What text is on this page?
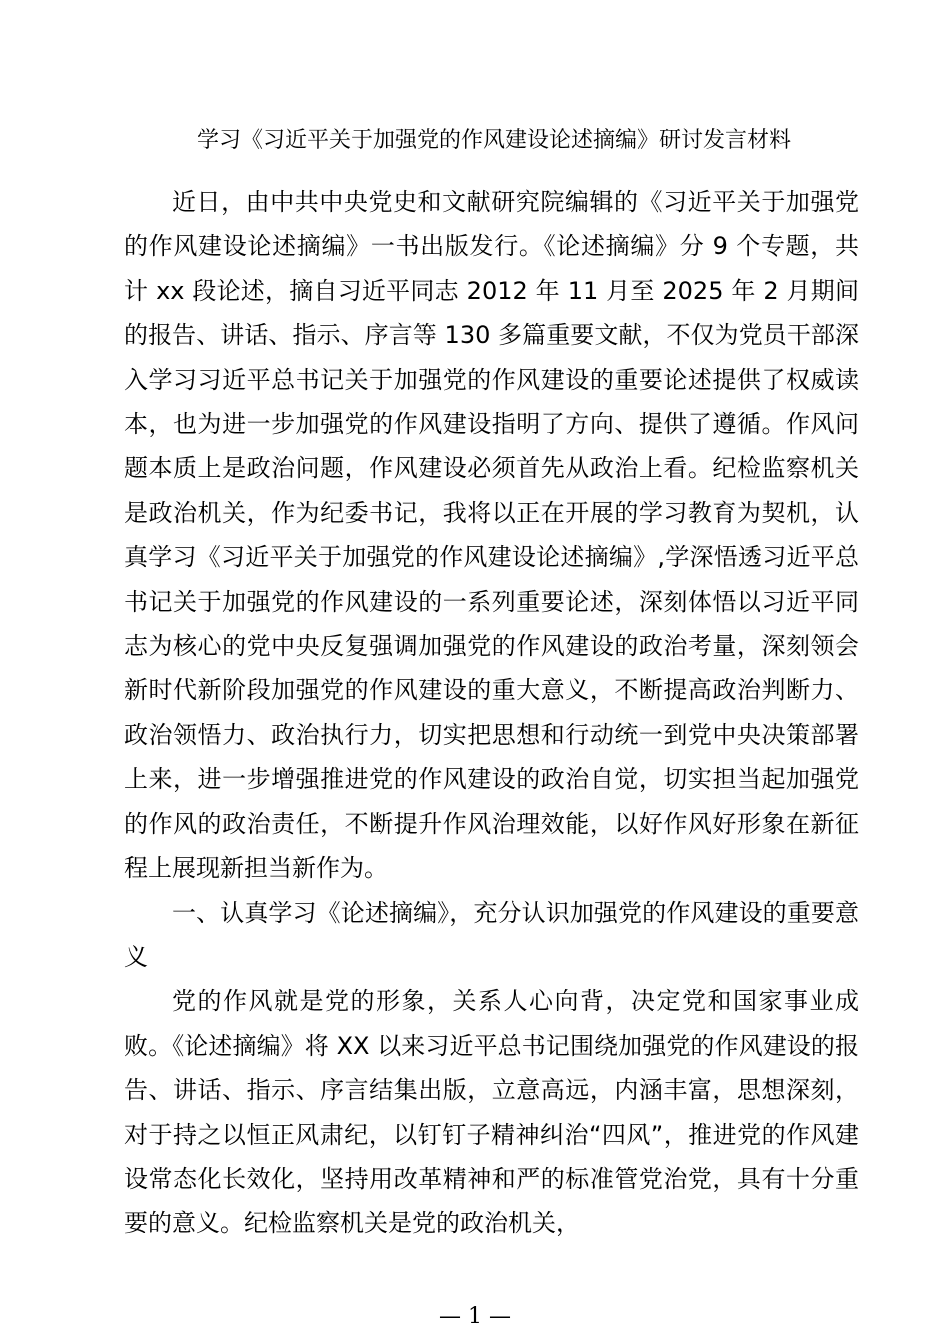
学习《习近平关于加强党的作风建设论述摘编》研讨发言材料

近日，由中共中央党史和文献研究院编辑的《习近平关于加强党的作风建设论述摘编》一书出版发行。《论述摘编》分 9 个专题，共计 xx 段论述，摘自习近平同志 2012 年 11 月至 2025 年 2 月期间的报告、讲话、指示、序言等 130 多篇重要文献，不仅为党员干部深入学习习近平总书记关于加强党的作风建设的重要论述提供了权威读本，也为进一步加强党的作风建设指明了方向、提供了遵循。作风问题本质上是政治问题，作风建设必须首先从政治上看。纪检监察机关是政治机关，作为纪委书记，我将以正在开展的学习教育为契机，认真学习《习近平关于加强党的作风建设论述摘编》,学深悟透习近平总书记关于加强党的作风建设的一系列重要论述，深刻体悟以习近平同志为核心的党中央反复强调加强党的作风建设的政治考量，深刻领会新时代新阶段加强党的作风建设的重大意义，不断提高政治判断力、政治领悟力、政治执行力，切实把思想和行动统一到党中央决策部署上来，进一步增强推进党的作风建设的政治自觉，切实担当起加强党的作风的政治责任，不断提升作风治理效能，以好作风好形象在新征程上展现新担当新作为。

一、认真学习《论述摘编》，充分认识加强党的作风建设的重要意义

党的作风就是党的形象，关系人心向背，决定党和国家事业成败。《论述摘编》将 XX 以来习近平总书记围绕加强党的作风建设的报告、讲话、指示、序言结集出版，立意高远，内涵丰富，思想深刻，对于持之以恒正风肃纪，以钉钉子精神纠治“四风”，推进党的作风建设常态化长效化，坚持用改革精神和严的标准管党治党，具有十分重要的意义。纪检监察机关是党的政治机关，

— 1 —
